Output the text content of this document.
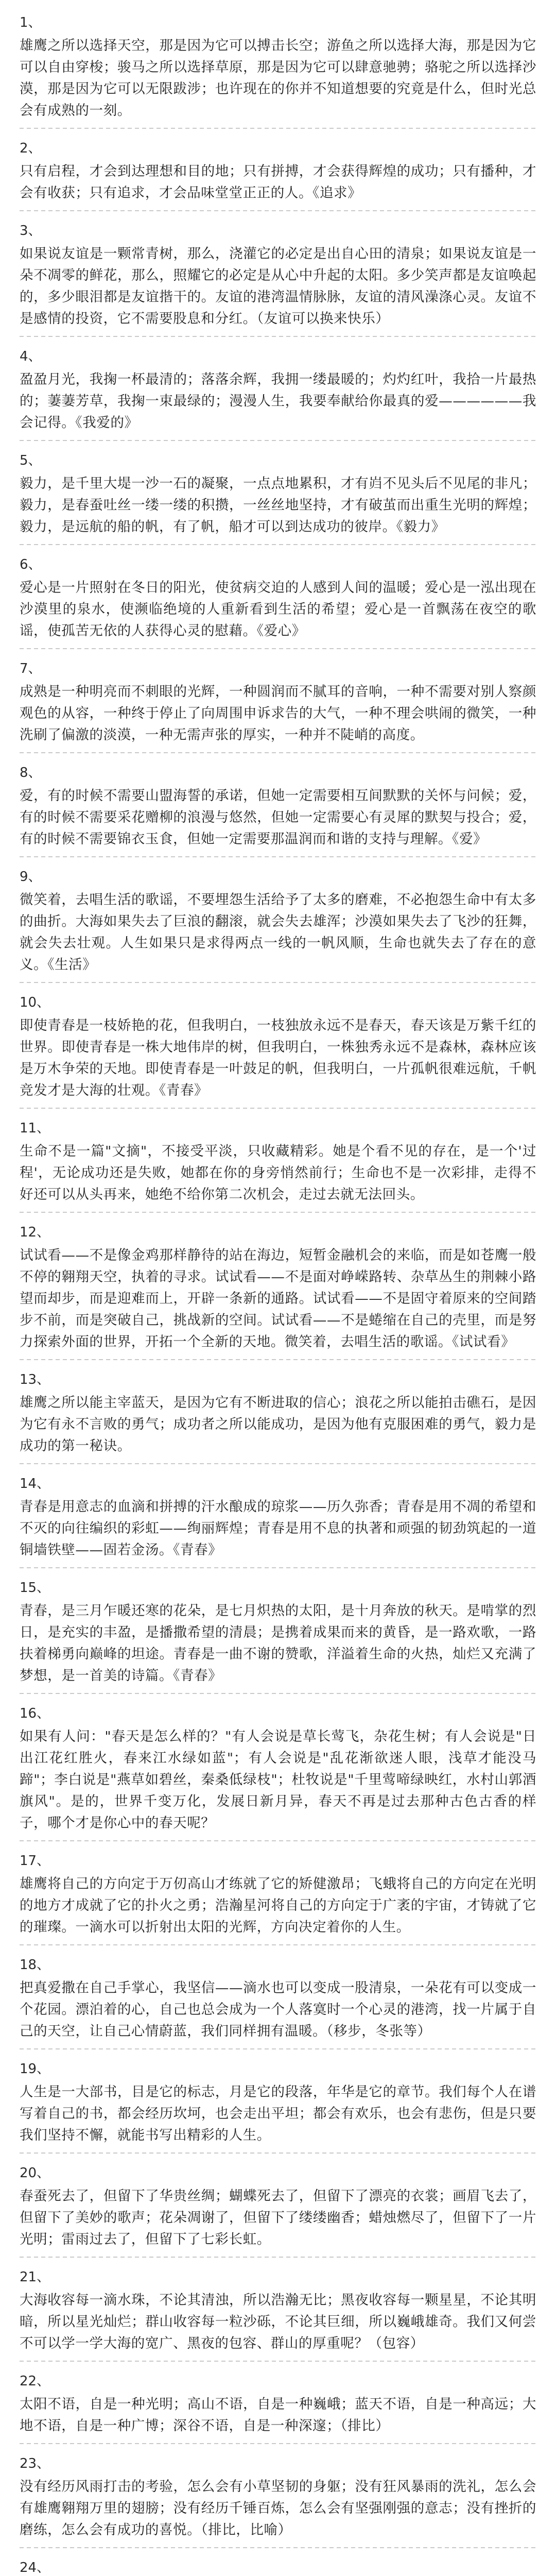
1、
雄鹰之所以选择天空，那是因为它可以搏击长空；游鱼之所以选择大海，那是因为它可以自由穿梭；骏马之所以选择草原，那是因为它可以肆意驰骋；骆驼之所以选择沙漠，那是因为它可以无限跋涉；也许现在的你并不知道想要的究竟是什么，但时光总会有成熟的一刻。
2、
只有启程，才会到达理想和目的地；只有拼搏，才会获得辉煌的成功；只有播种，才会有收获；只有追求，才会品味堂堂正正的人。《追求》
3、
如果说友谊是一颗常青树，那么，浇灌它的必定是出自心田的清泉；如果说友谊是一朵不凋零的鲜花，那么，照耀它的必定是从心中升起的太阳。多少笑声都是友谊唤起的，多少眼泪都是友谊揩干的。友谊的港湾温情脉脉，友谊的清风澡涤心灵。友谊不是感情的投资，它不需要股息和分红。（友谊可以换来快乐）
4、
盈盈月光，我掬一杯最清的；落落余辉，我拥一缕最暖的；灼灼红叶，我拾一片最热的；萋萋芳草，我掬一束最绿的；漫漫人生，我要奉献给你最真的爱——————我会记得。《我爱的》
5、
毅力，是千里大堤一沙一石的凝聚，一点点地累积，才有岿不见头后不见尾的非凡；毅力，是春蚕吐丝一缕一缕的积攒，一丝丝地坚持，才有破茧而出重生光明的辉煌；毅力，是远航的船的帆，有了帆，船才可以到达成功的彼岸。《毅力》
6、
爱心是一片照射在冬日的阳光，使贫病交迫的人感到人间的温暖；爱心是一泓出现在沙漠里的泉水，使濒临绝境的人重新看到生活的希望；爱心是一首飘荡在夜空的歌谣，使孤苦无依的人获得心灵的慰藉。《爱心》
7、
成熟是一种明亮而不刺眼的光辉，一种圆润而不腻耳的音响，一种不需要对别人察颜观色的从容，一种终于停止了向周围申诉求告的大气，一种不理会哄闹的微笑，一种洗刷了偏激的淡漠，一种无需声张的厚实，一种并不陡峭的高度。
8、
爱，有的时候不需要山盟海誓的承诺，但她一定需要相互间默默的关怀与问候；爱，有的时候不需要采花赠柳的浪漫与悠然，但她一定需要心有灵犀的默契与投合；爱，有的时候不需要锦衣玉食，但她一定需要那温润而和谐的支持与理解。《爱》
9、
微笑着，去唱生活的歌谣，不要埋怨生活给予了太多的磨难，不必抱怨生命中有太多的曲折。大海如果失去了巨浪的翻滚，就会失去雄浑；沙漠如果失去了飞沙的狂舞，就会失去壮观。人生如果只是求得两点一线的一帆风顺，生命也就失去了存在的意义。《生活》
10、
即使青春是一枝娇艳的花，但我明白，一枝独放永远不是春天，春天该是万紫千红的世界。即使青春是一株大地伟岸的树，但我明白，一株独秀永远不是森林，森林应该是万木争荣的天地。即使青春是一叶鼓足的帆，但我明白，一片孤帆很难远航，千帆竞发才是大海的壮观。《青春》
11、
生命不是一篇"文摘"，不接受平淡，只收藏精彩。她是个看不见的存在，是一个'过程'，无论成功还是失败，她都在你的身旁悄然前行；生命也不是一次彩排，走得不好还可以从头再来，她绝不给你第二次机会，走过去就无法回头。
12、
试试看——不是像金鸡那样静待的站在海边，短暂金融机会的来临，而是如苍鹰一般不停的翱翔天空，执着的寻求。试试看——不是面对峥嵘路转、杂草丛生的荆棘小路望而却步，而是迎难而上，开辟一条新的通路。试试看——不是固守着原来的空间踏步不前，而是突破自己，挑战新的空间。试试看——不是蜷缩在自己的壳里，而是努力探索外面的世界，开拓一个全新的天地。微笑着，去唱生活的歌谣。《试试看》
13、
雄鹰之所以能主宰蓝天，是因为它有不断进取的信心；浪花之所以能拍击礁石，是因为它有永不言败的勇气；成功者之所以能成功，是因为他有克服困难的勇气，毅力是成功的第一秘诀。
14、
青春是用意志的血滴和拼搏的汗水酿成的琼浆——历久弥香；青春是用不凋的希望和不灭的向往编织的彩虹——绚丽辉煌；青春是用不息的执著和顽强的韧劲筑起的一道铜墙铁壁——固若金汤。《青春》
15、
青春，是三月乍暖还寒的花朵，是七月炽热的太阳，是十月奔放的秋天。是啃掌的烈日，是充实的丰盈，是播撒希望的清晨；是携着成果而来的黄昏，是一路欢歌，一路扶着梯勇向巅峰的坦途。青春是一曲不谢的赞歌，洋溢着生命的火热，灿烂又充满了梦想，是一首美的诗篇。《青春》
16、
如果有人问："春天是怎么样的？"有人会说是草长莺飞，杂花生树；有人会说是"日出江花红胜火，春来江水绿如蓝"；有人会说是"乱花渐欲迷人眼，浅草才能没马蹄"；李白说是"燕草如碧丝，秦桑低绿枝"；杜牧说是"千里莺啼绿映红，水村山郭酒旗风"。是的，世界千变万化，发展日新月异，春天不再是过去那种古色古香的样子，哪个才是你心中的春天呢？
17、
雄鹰将自己的方向定于万仞高山才练就了它的矫健激昂；飞蛾将自己的方向定在光明的地方才成就了它的扑火之勇；浩瀚星河将自己的方向定于广袤的宇宙，才铸就了它的璀璨。一滴水可以折射出太阳的光辉，方向决定着你的人生。
18、
把真爱撒在自己手掌心，我坚信——滴水也可以变成一股清泉，一朵花有可以变成一个花园。漂泊着的心，自己也总会成为一个人落寞时一个心灵的港湾，找一片属于自己的天空，让自己心情蔚蓝，我们同样拥有温暖。（移步，冬张等）
19、
人生是一大部书，目是它的标志，月是它的段落，年华是它的章节。我们每个人在谱写着自己的书，都会经历坎坷，也会走出平坦；都会有欢乐，也会有悲伤，但是只要我们坚持不懈，就能书写出精彩的人生。
20、
春蚕死去了，但留下了华贵丝绸；蝴蝶死去了，但留下了漂亮的衣裳；画眉飞去了，但留下了美妙的歌声；花朵凋谢了，但留下了缕缕幽香；蜡烛燃尽了，但留下了一片光明；雷雨过去了，但留下了七彩长虹。
21、
大海收容每一滴水珠，不论其清浊，所以浩瀚无比；黑夜收容每一颗星星，不论其明暗，所以星光灿烂；群山收容每一粒沙砾，不论其巨细，所以巍峨雄奇。我们又何尝不可以学一学大海的宽广、黑夜的包容、群山的厚重呢？（包容）
22、
太阳不语，自是一种光明；高山不语，自是一种巍峨；蓝天不语，自是一种高远；大地不语，自是一种广博；深谷不语，自是一种深邃；（排比）
23、
没有经历风雨打击的考验，怎么会有小草坚韧的身躯；没有狂风暴雨的洗礼，怎么会有雄鹰翱翔万里的翅膀；没有经历千锤百炼，怎么会有坚强刚强的意志；没有挫折的磨练，怎么会有成功的喜悦。（排比，比喻）
24、
